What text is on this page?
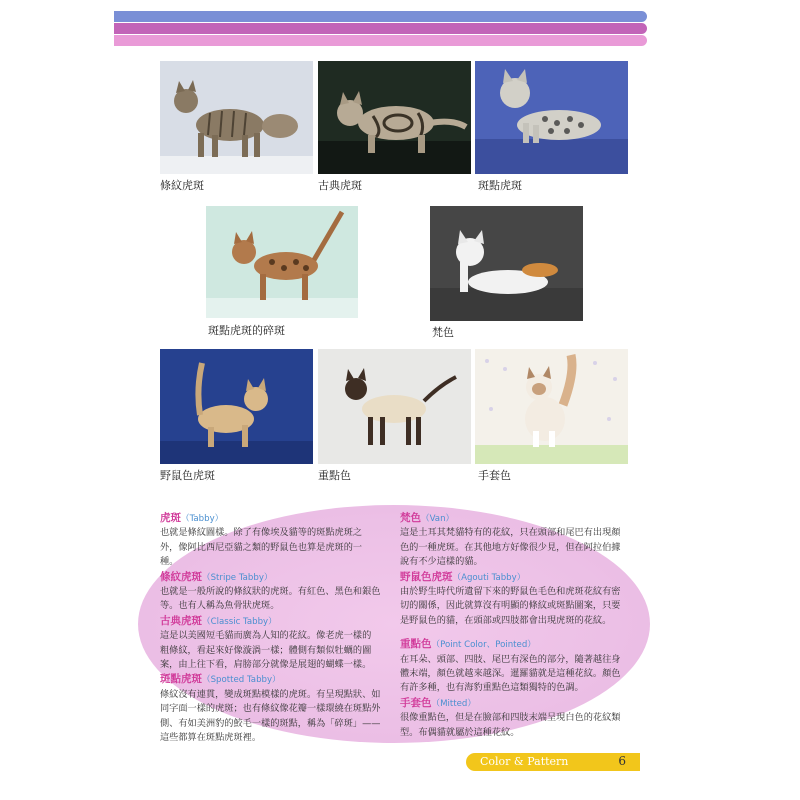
條紋虎斑	古典虎斑	斑點虎斑
斑點虎斑的碎斑	梵色
野鼠色虎斑	重點色	手套色
虎斑（Tabby）
也就是條紋圖樣。除了有像埃及貓等的斑點虎斑之
外，像阿比西尼亞貓之類的野鼠色也算是虎斑的一
種。
條紋虎斑（Stripe Tabby）
也就是一般所說的條紋狀的虎斑。有紅色、黑色和銀色
等。也有人稱為魚骨狀虎斑。
古典虎斑（Classic Tabby）
這是以美國短毛貓而廣為人知的花紋。像老虎一樣的
粗條紋，看起來好像漩渦一樣；體側有類似牡蠣的圖
案，由上往下看，肩膀部分就像是展翅的蝴蝶一樣。
斑點虎斑（Spotted Tabby）
條紋沒有連貫，變成斑點模樣的虎斑。有呈現點狀、如
同字面一樣的虎斑；也有條紋像花瓣一樣環繞在斑點外
側、有如美洲豹的鮫毛一樣的斑點，稱為「碎斑」——
這些都算在斑點虎斑裡。
梵色（Van）
這是土耳其梵貓特有的花紋，只在頭部和尾巴有出現顏
色的一種虎斑。在其他地方好像很少見，但在阿拉伯據
說有不少這樣的貓。
野鼠色虎斑（Agouti Tabby）
由於野生時代所遺留下來的野鼠色毛色和虎斑花紋有密
切的關係，因此就算沒有明顯的條紋或斑點圖案，只要
是野鼠色的貓，在頭部或四肢都會出現虎斑的花紋。
重點色（Point Color、Pointed）
在耳朵、頭部、四肢、尾巴有深色的部分，隨著越往身
體末端，顏色就越來越深。暹羅貓就是這種花紋。顏色
有許多種，也有海豹重點色這類獨特的色調。
手套色（Mitted）
很像重點色，但是在臉部和四肢末端呈現白色的花紋類
型。布偶貓就屬於這種花紋。
Color & Pattern	6
